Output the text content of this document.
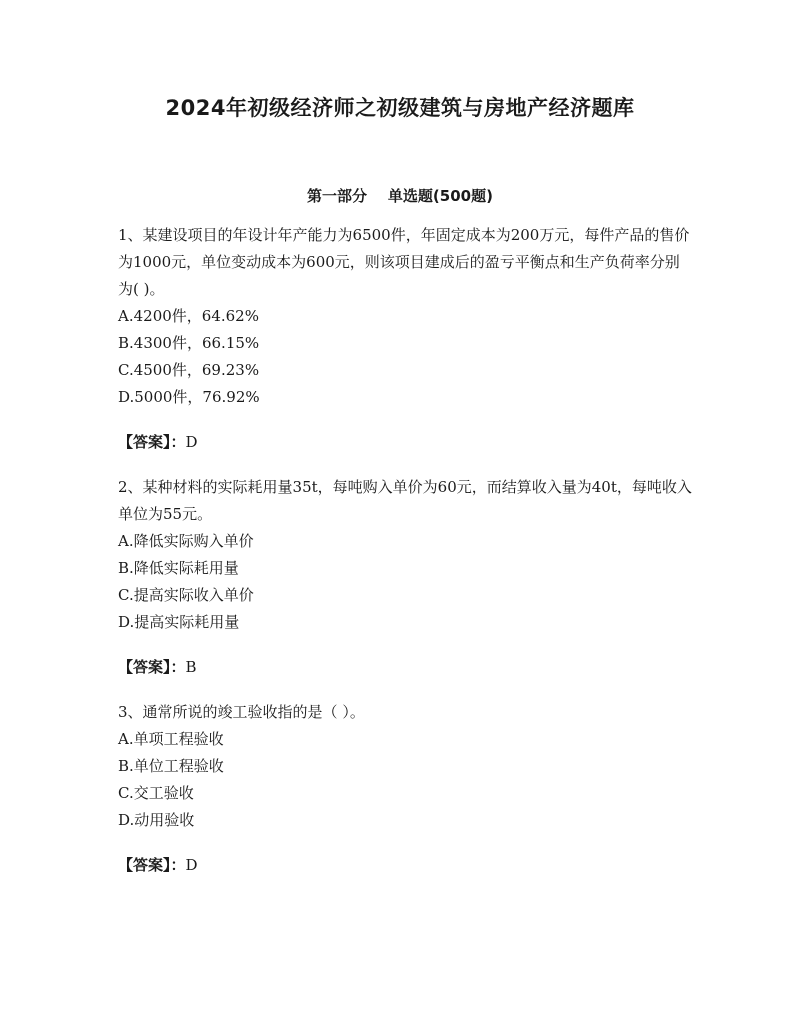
2024年初级经济师之初级建筑与房地产经济题库
第一部分    单选题(500题)

1、某建设项目的年设计年产能力为6500件，年固定成本为200万元，每件产品的售价为1000元，单位变动成本为600元，则该项目建成后的盈亏平衡点和生产负荷率分别为( )。

A.4200件，64.62%

B.4300件，66.15%

C.4500件，69.23%

D.5000件，76.92%

【答案】：D

2、某种材料的实际耗用量35t，每吨购入单价为60元，而结算收入量为40t，每吨收入单位为55元。

A.降低实际购入单价

B.降低实际耗用量

C.提高实际收入单价

D.提高实际耗用量

【答案】：B

3、通常所说的竣工验收指的是（ ）。

A.单项工程验收

B.单位工程验收

C.交工验收

D.动用验收

【答案】：D
